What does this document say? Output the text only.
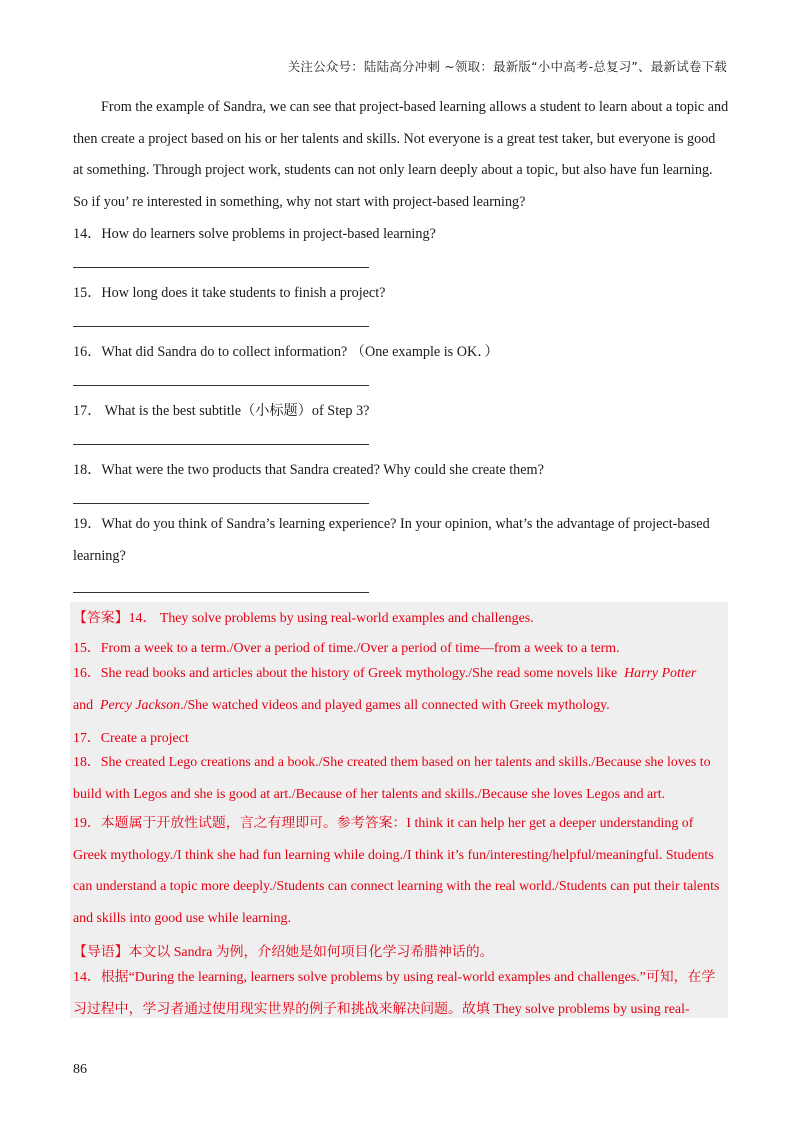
关注公众号：陆陆高分冲刺 ~领取：最新版“小中高考-总复习”、最新试卷下载

From the example of Sandra, we can see that project-based learning allows a student to learn about a topic and then create a project based on his or her talents and skills. Not everyone is a great test taker, but everyone is good at something. Through project work, students can not only learn deeply about a topic, but also have fun learning. So if you’ re interested in something, why not start with project-based learning?

14．How do learners solve problems in project-based learning?

15．How long does it take students to finish a project?

16．What did Sandra do to collect information? （One example is OK．）

17． What is the best subtitle（小标题）of Step 3?

18．What were the two products that Sandra created? Why could she create them?

19．What do you think of Sandra’s learning experience? In your opinion, what’s the advantage of project-based learning?

【答案】14． They solve problems by using real-world examples and challenges.

15．From a week to a term./Over a period of time./Over a period of time—from a week to a term.

16．She read books and articles about the history of Greek mythology./She read some novels like Harry Potter
and Percy Jackson./She watched videos and played games all connected with Greek mythology.

17．Create a project

18．She created Lego creations and a book./She created them based on her talents and skills./Because she loves to build with Legos and she is good at art./Because of her talents and skills./Because she loves Legos and art.

19．本题属于开放性试题，言之有理即可。参考答案：I think it can help her get a deeper understanding of Greek mythology./I think she had fun learning while doing./I think it’s fun/interesting/helpful/meaningful. Students can understand a topic more deeply./Students can connect learning with the real world./Students can put their talents and skills into good use while learning.

【导语】本文以 Sandra 为例，介绍她是如何项目化学习希腊神话的。

14．根据“During the learning, learners solve problems by using real-world examples and challenges.”可知，在学习过程中，学习者通过使用现实世界的例子和挑战来解决问题。故填 They solve problems by using real-

86
